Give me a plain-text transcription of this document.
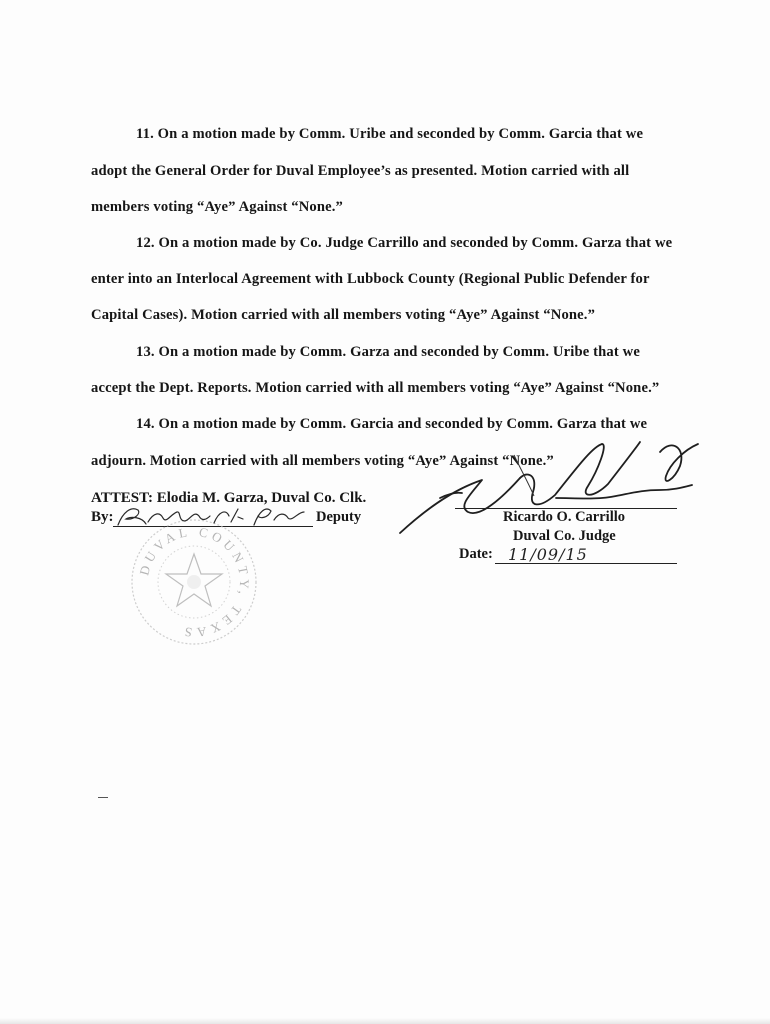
11. On a motion made by Comm. Uribe and seconded by Comm. Garcia that we
adopt the General Order for Duval Employee’s as presented. Motion carried with all
members voting “Aye” Against “None.”
12. On a motion made by Co. Judge Carrillo and seconded by Comm. Garza that we
enter into an Interlocal Agreement with Lubbock County (Regional Public Defender for
Capital Cases). Motion carried with all members voting “Aye” Against “None.”
13. On a motion made by Comm. Garza and seconded by Comm. Uribe that we
accept the Dept. Reports. Motion carried with all members voting “Aye” Against “None.”
14. On a motion made by Comm. Garcia and seconded by Comm. Garza that we
adjourn. Motion carried with all members voting “Aye” Against “None.”
ATTEST: Elodia M. Garza, Duval Co. Clk.
By:	Deputy	Ricardo O. Carrillo
Duval Co. Judge
Date: 11/09/15
DUVAL COUNTY, TEXAS
